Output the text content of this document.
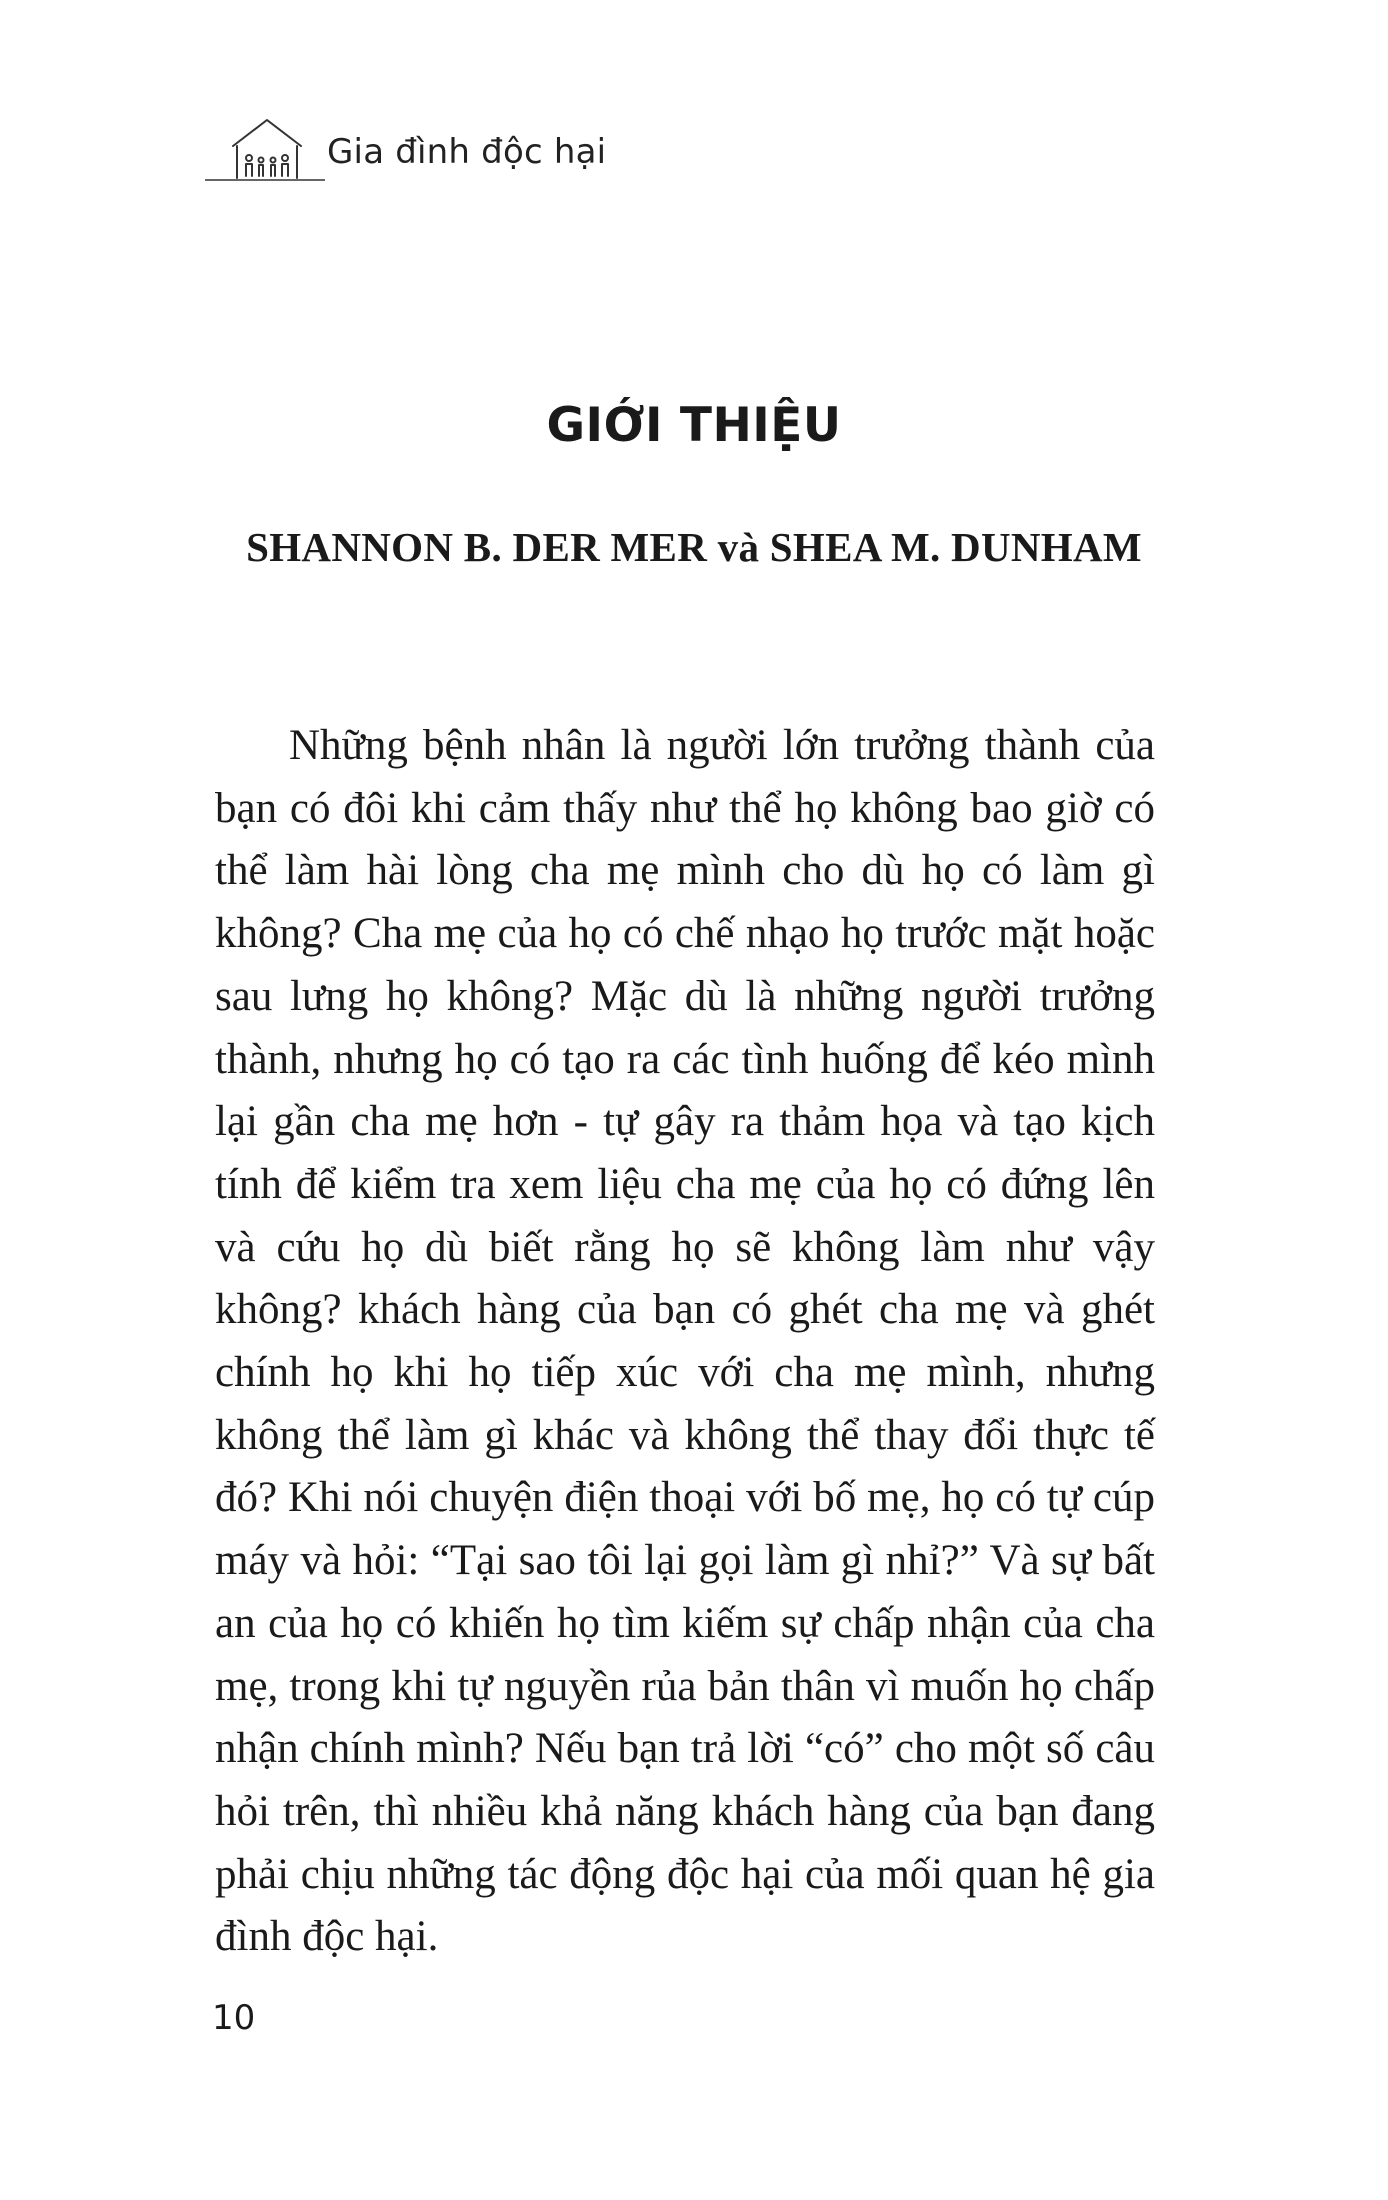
Gia đình độc hại
GIỚI THIỆU
SHANNON B. DER MER và SHEA M. DUNHAM

Những bệnh nhân là người lớn trưởng thành của bạn có đôi khi cảm thấy như thể họ không bao giờ có thể làm hài lòng cha mẹ mình cho dù họ có làm gì không? Cha mẹ của họ có chế nhạo họ trước mặt hoặc sau lưng họ không? Mặc dù là những người trưởng thành, nhưng họ có tạo ra các tình huống để kéo mình lại gần cha mẹ hơn - tự gây ra thảm họa và tạo kịch tính để kiểm tra xem liệu cha mẹ của họ có đứng lên và cứu họ dù biết rằng họ sẽ không làm như vậy không? khách hàng của bạn có ghét cha mẹ và ghét chính họ khi họ tiếp xúc với cha mẹ mình, nhưng không thể làm gì khác và không thể thay đổi thực tế đó? Khi nói chuyện điện thoại với bố mẹ, họ có tự cúp máy và hỏi: “Tại sao tôi lại gọi làm gì nhỉ?” Và sự bất an của họ có khiến họ tìm kiếm sự chấp nhận của cha mẹ, trong khi tự nguyền rủa bản thân vì muốn họ chấp nhận chính mình? Nếu bạn trả lời “có” cho một số câu hỏi trên, thì nhiều khả năng khách hàng của bạn đang phải chịu những tác động độc hại của mối quan hệ gia đình độc hại.

10
